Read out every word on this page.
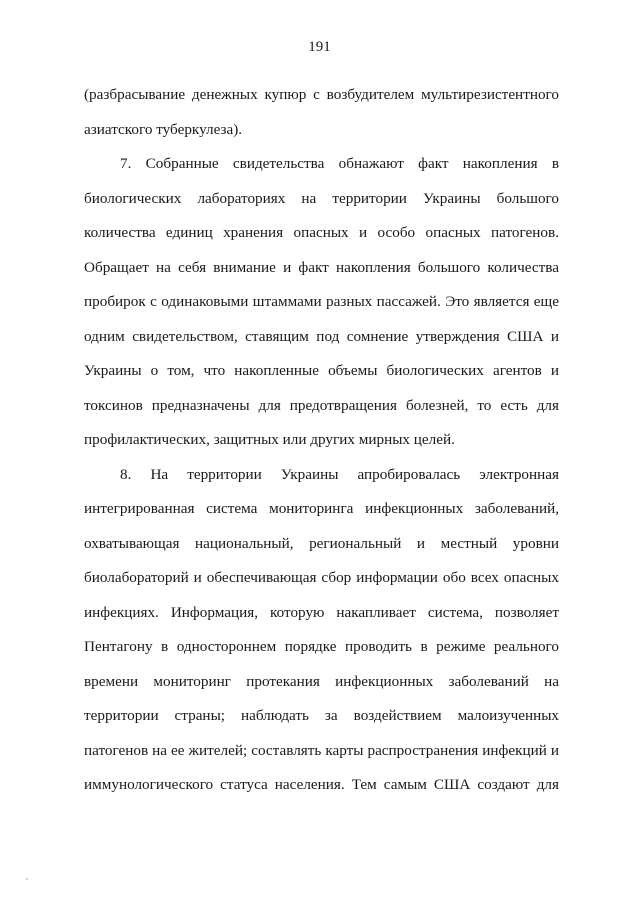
191
(разбрасывание денежных купюр с возбудителем мультирезистентного
азиатского туберкулеза).
7. Собранные свидетельства обнажают факт накопления в
биологических лабораториях на территории Украины большого
количества единиц хранения опасных и особо опасных патогенов.
Обращает на себя внимание и факт накопления большого количества
пробирок с одинаковыми штаммами разных пассажей. Это является еще
одним свидетельством, ставящим под сомнение утверждения США и
Украины о том, что накопленные объемы биологических агентов и
токсинов предназначены для предотвращения болезней, то есть для
профилактических, защитных или других мирных целей.
8. На территории Украины апробировалась электронная
интегрированная система мониторинга инфекционных заболеваний,
охватывающая национальный, региональный и местный уровни
биолабораторий и обеспечивающая сбор информации обо всех опасных
инфекциях. Информация, которую накапливает система, позволяет
Пентагону в одностороннем порядке проводить в режиме реального
времени мониторинг протекания инфекционных заболеваний на
территории страны; наблюдать за воздействием малоизученных
патогенов на ее жителей; составлять карты распространения инфекций и
иммунологического статуса населения. Тем самым США создают для
